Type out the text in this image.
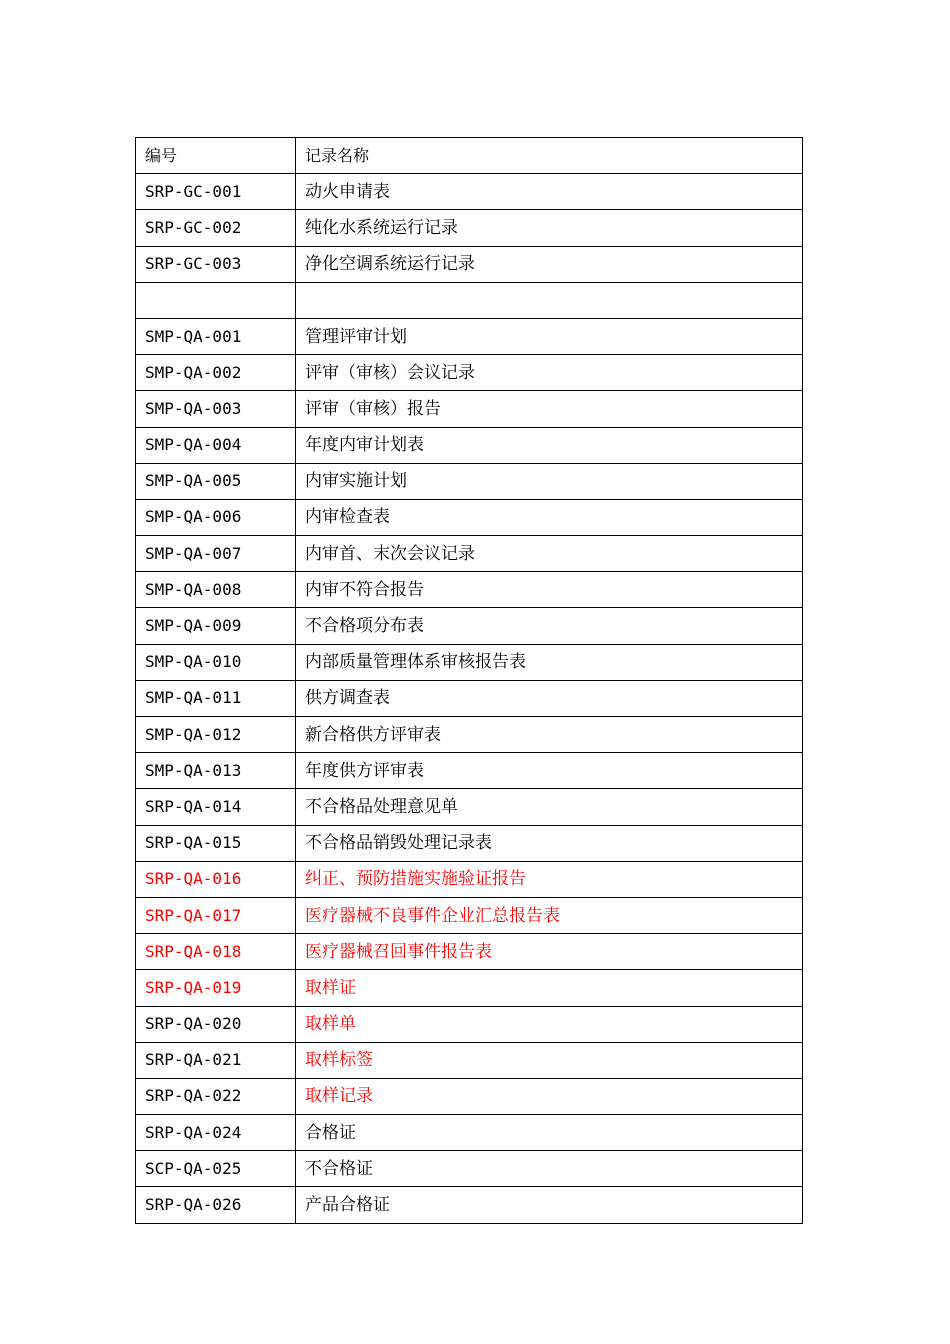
编号	记录名称
SRP-GC-001	动火申请表
SRP-GC-002	纯化水系统运行记录
SRP-GC-003	净化空调系统运行记录

SMP-QA-001	管理评审计划
SMP-QA-002	评审（审核）会议记录
SMP-QA-003	评审（审核）报告
SMP-QA-004	年度内审计划表
SMP-QA-005	内审实施计划
SMP-QA-006	内审检查表
SMP-QA-007	内审首、末次会议记录
SMP-QA-008	内审不符合报告
SMP-QA-009	不合格项分布表
SMP-QA-010	内部质量管理体系审核报告表
SMP-QA-011	供方调查表
SMP-QA-012	新合格供方评审表
SMP-QA-013	年度供方评审表
SRP-QA-014	不合格品处理意见单
SRP-QA-015	不合格品销毁处理记录表
SRP-QA-016	纠正、预防措施实施验证报告
SRP-QA-017	医疗器械不良事件企业汇总报告表
SRP-QA-018	医疗器械召回事件报告表
SRP-QA-019	取样证
SRP-QA-020	取样单
SRP-QA-021	取样标签
SRP-QA-022	取样记录
SRP-QA-024	合格证
SCP-QA-025	不合格证
SRP-QA-026	产品合格证
